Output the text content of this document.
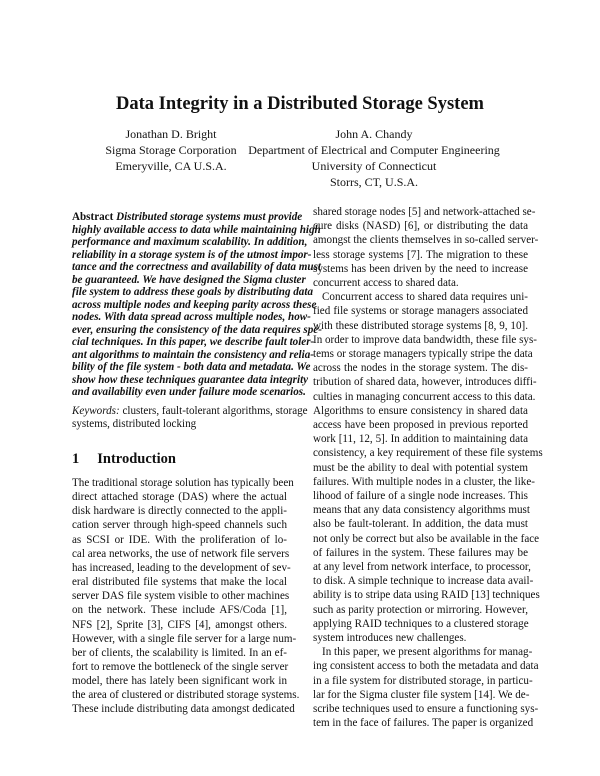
Data Integrity in a Distributed Storage System
Jonathan D. Bright
Sigma Storage Corporation
Emeryville, CA U.S.A.
John A. Chandy
Department of Electrical and Computer Engineering
University of Connecticut
Storrs, CT, U.S.A.
Abstract Distributed storage systems must provide
highly available access to data while maintaining high
performance and maximum scalability. In addition,
reliability in a storage system is of the utmost impor-
tance and the correctness and availability of data must
be guaranteed. We have designed the Sigma cluster
file system to address these goals by distributing data
across multiple nodes and keeping parity across these
nodes. With data spread across multiple nodes, how-
ever, ensuring the consistency of the data requires spe-
cial techniques. In this paper, we describe fault toler-
ant algorithms to maintain the consistency and relia-
bility of the file system - both data and metadata. We
show how these techniques guarantee data integrity
and availability even under failure mode scenarios.
Keywords: clusters, fault-tolerant algorithms, storage
systems, distributed locking
1 Introduction
The traditional storage solution has typically been
direct attached storage (DAS) where the actual
disk hardware is directly connected to the appli-
cation server through high-speed channels such
as SCSI or IDE. With the proliferation of lo-
cal area networks, the use of network file servers
has increased, leading to the development of sev-
eral distributed file systems that make the local
server DAS file system visible to other machines
on the network. These include AFS/Coda [1],
NFS [2], Sprite [3], CIFS [4], amongst others.
However, with a single file server for a large num-
ber of clients, the scalability is limited. In an ef-
fort to remove the bottleneck of the single server
model, there has lately been significant work in
the area of clustered or distributed storage systems.
These include distributing data amongst dedicated
shared storage nodes [5] and network-attached se-
cure disks (NASD) [6], or distributing the data
amongst the clients themselves in so-called server-
less storage systems [7]. The migration to these
systems has been driven by the need to increase
concurrent access to shared data.
Concurrent access to shared data requires uni-
fied file systems or storage managers associated
with these distributed storage systems [8, 9, 10].
In order to improve data bandwidth, these file sys-
tems or storage managers typically stripe the data
across the nodes in the storage system. The dis-
tribution of shared data, however, introduces diffi-
culties in managing concurrent access to this data.
Algorithms to ensure consistency in shared data
access have been proposed in previous reported
work [11, 12, 5]. In addition to maintaining data
consistency, a key requirement of these file systems
must be the ability to deal with potential system
failures. With multiple nodes in a cluster, the like-
lihood of failure of a single node increases. This
means that any data consistency algorithms must
also be fault-tolerant. In addition, the data must
not only be correct but also be available in the face
of failures in the system. These failures may be
at any level from network interface, to processor,
to disk. A simple technique to increase data avail-
ability is to stripe data using RAID [13] techniques
such as parity protection or mirroring. However,
applying RAID techniques to a clustered storage
system introduces new challenges.
In this paper, we present algorithms for manag-
ing consistent access to both the metadata and data
in a file system for distributed storage, in particu-
lar for the Sigma cluster file system [14]. We de-
scribe techniques used to ensure a functioning sys-
tem in the face of failures. The paper is organized
